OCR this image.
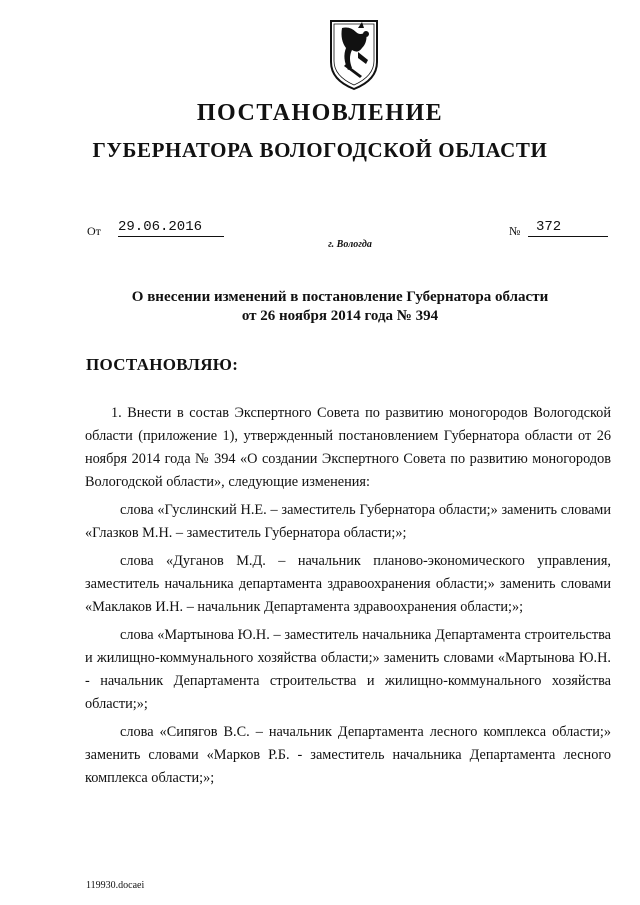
ПОСТАНОВЛЕНИЕ
ГУБЕРНАТОРА ВОЛОГОДСКОЙ ОБЛАСТИ
От 29.06.2016	№	372
г. Вологда
О внесении изменений в постановление Губернатора области
от 26 ноября 2014 года № 394
ПОСТАНОВЛЯЮ:

1. Внести в состав Экспертного Совета по развитию моногородов Вологодской области (приложение 1), утвержденный постановлением Губернатора области от 26 ноября 2014 года № 394 «О создании Экспертного Совета по развитию моногородов Вологодской области», следующие изменения:

слова «Гуслинский Н.Е. – заместитель Губернатора области;» заменить словами «Глазков М.Н. – заместитель Губернатора области;»;

слова «Дуганов М.Д. – начальник планово-экономического управления, заместитель начальника департамента здравоохранения области;» заменить словами «Маклаков И.Н. – начальник Департамента здравоохранения области;»;

слова «Мартынова Ю.Н. – заместитель начальника Департамента строительства и жилищно-коммунального хозяйства области;» заменить словами «Мартынова Ю.Н. - начальник Департамента строительства и жилищно-коммунального хозяйства области;»;

слова «Сипягов В.С. – начальник Департамента лесного комплекса области;» заменить словами «Марков Р.Б. - заместитель начальника Департамента лесного комплекса области;»;

119930.docaei
